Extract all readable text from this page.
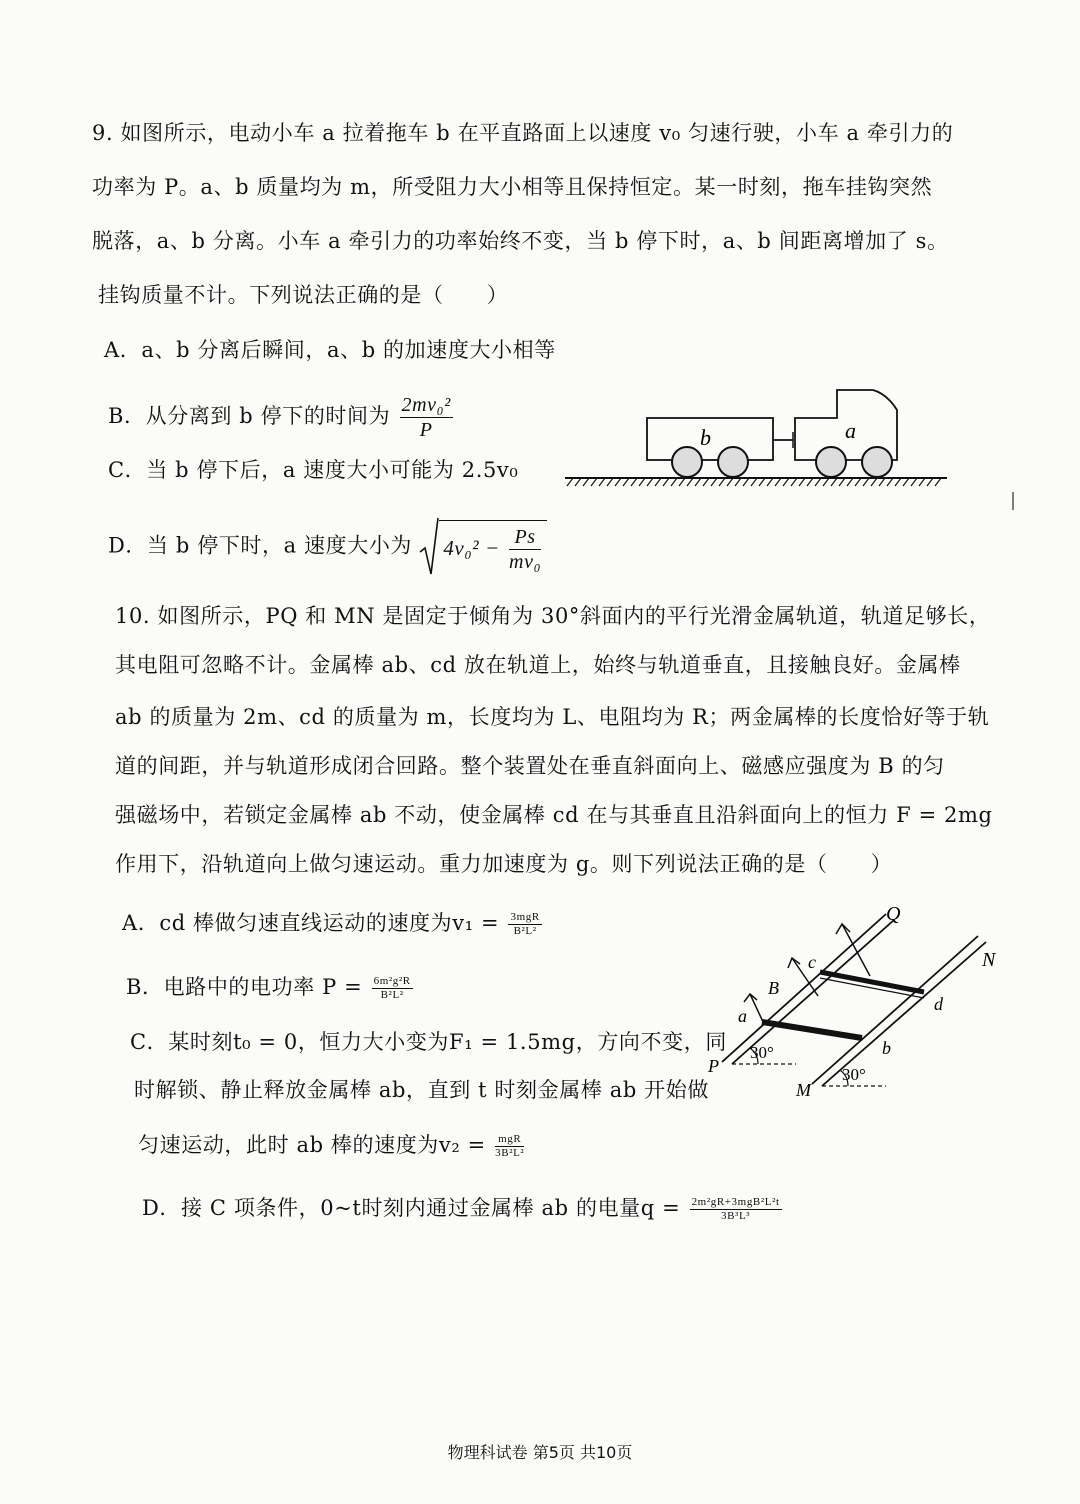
9. 如图所示，电动小车 a 拉着拖车 b 在平直路面上以速度 v₀ 匀速行驶，小车 a 牵引力的
功率为 P。a、b 质量均为 m，所受阻力大小相等且保持恒定。某一时刻，拖车挂钩突然
脱落，a、b 分离。小车 a 牵引力的功率始终不变，当 b 停下时，a、b 间距离增加了 s。
挂钩质量不计。下列说法正确的是（　　）
A．a、b 分离后瞬间，a、b 的加速度大小相等
B．从分离到 b 停下的时间为 $\frac{\text{2mv₀²}}{P}$
C．当 b 停下后，a 速度大小可能为 2.5v₀
D．当 b 停下时，a 速度大小为 $4v_0^2 - \frac{Ps}{\text{mv₀}}$
b	a
10. 如图所示，PQ 和 MN 是固定于倾角为 30°斜面内的平行光滑金属轨道，轨道足够长，
其电阻可忽略不计。金属棒 ab、cd 放在轨道上，始终与轨道垂直，且接触良好。金属棒
ab 的质量为 2m、cd 的质量为 m，长度均为 L、电阻均为 R；两金属棒的长度恰好等于轨
道的间距，并与轨道形成闭合回路。整个装置处在垂直斜面向上、磁感应强度为 B 的匀
强磁场中，若锁定金属棒 ab 不动，使金属棒 cd 在与其垂直且沿斜面向上的恒力 F = 2mg
作用下，沿轨道向上做匀速运动。重力加速度为 g。则下列说法正确的是（　　）
A．cd 棒做匀速直线运动的速度为$v_1 = \frac{\text{3mgR}}{\text{B²L²}}$
B．电路中的电功率 $P = \frac{\text{6m²g²R}}{\text{B²L²}}$
C．某时刻t₀ = 0，恒力大小变为F₁ = 1.5mg，方向不变，同
时解锁、静止释放金属棒 ab，直到 t 时刻金属棒 ab 开始做
匀速运动，此时 ab 棒的速度为$v_2 = \frac{\text{mgR}}{\text{3B²L²}}$
D．接 C 项条件，0~t时刻内通过金属棒 ab 的电量$q = \frac{\text{2m²gR+3mgB²L²t}}{\text{3B³L³}}$
Q
N
c
B
d
a
b
P
M
30°
30°
物理科试卷 第5页 共10页
